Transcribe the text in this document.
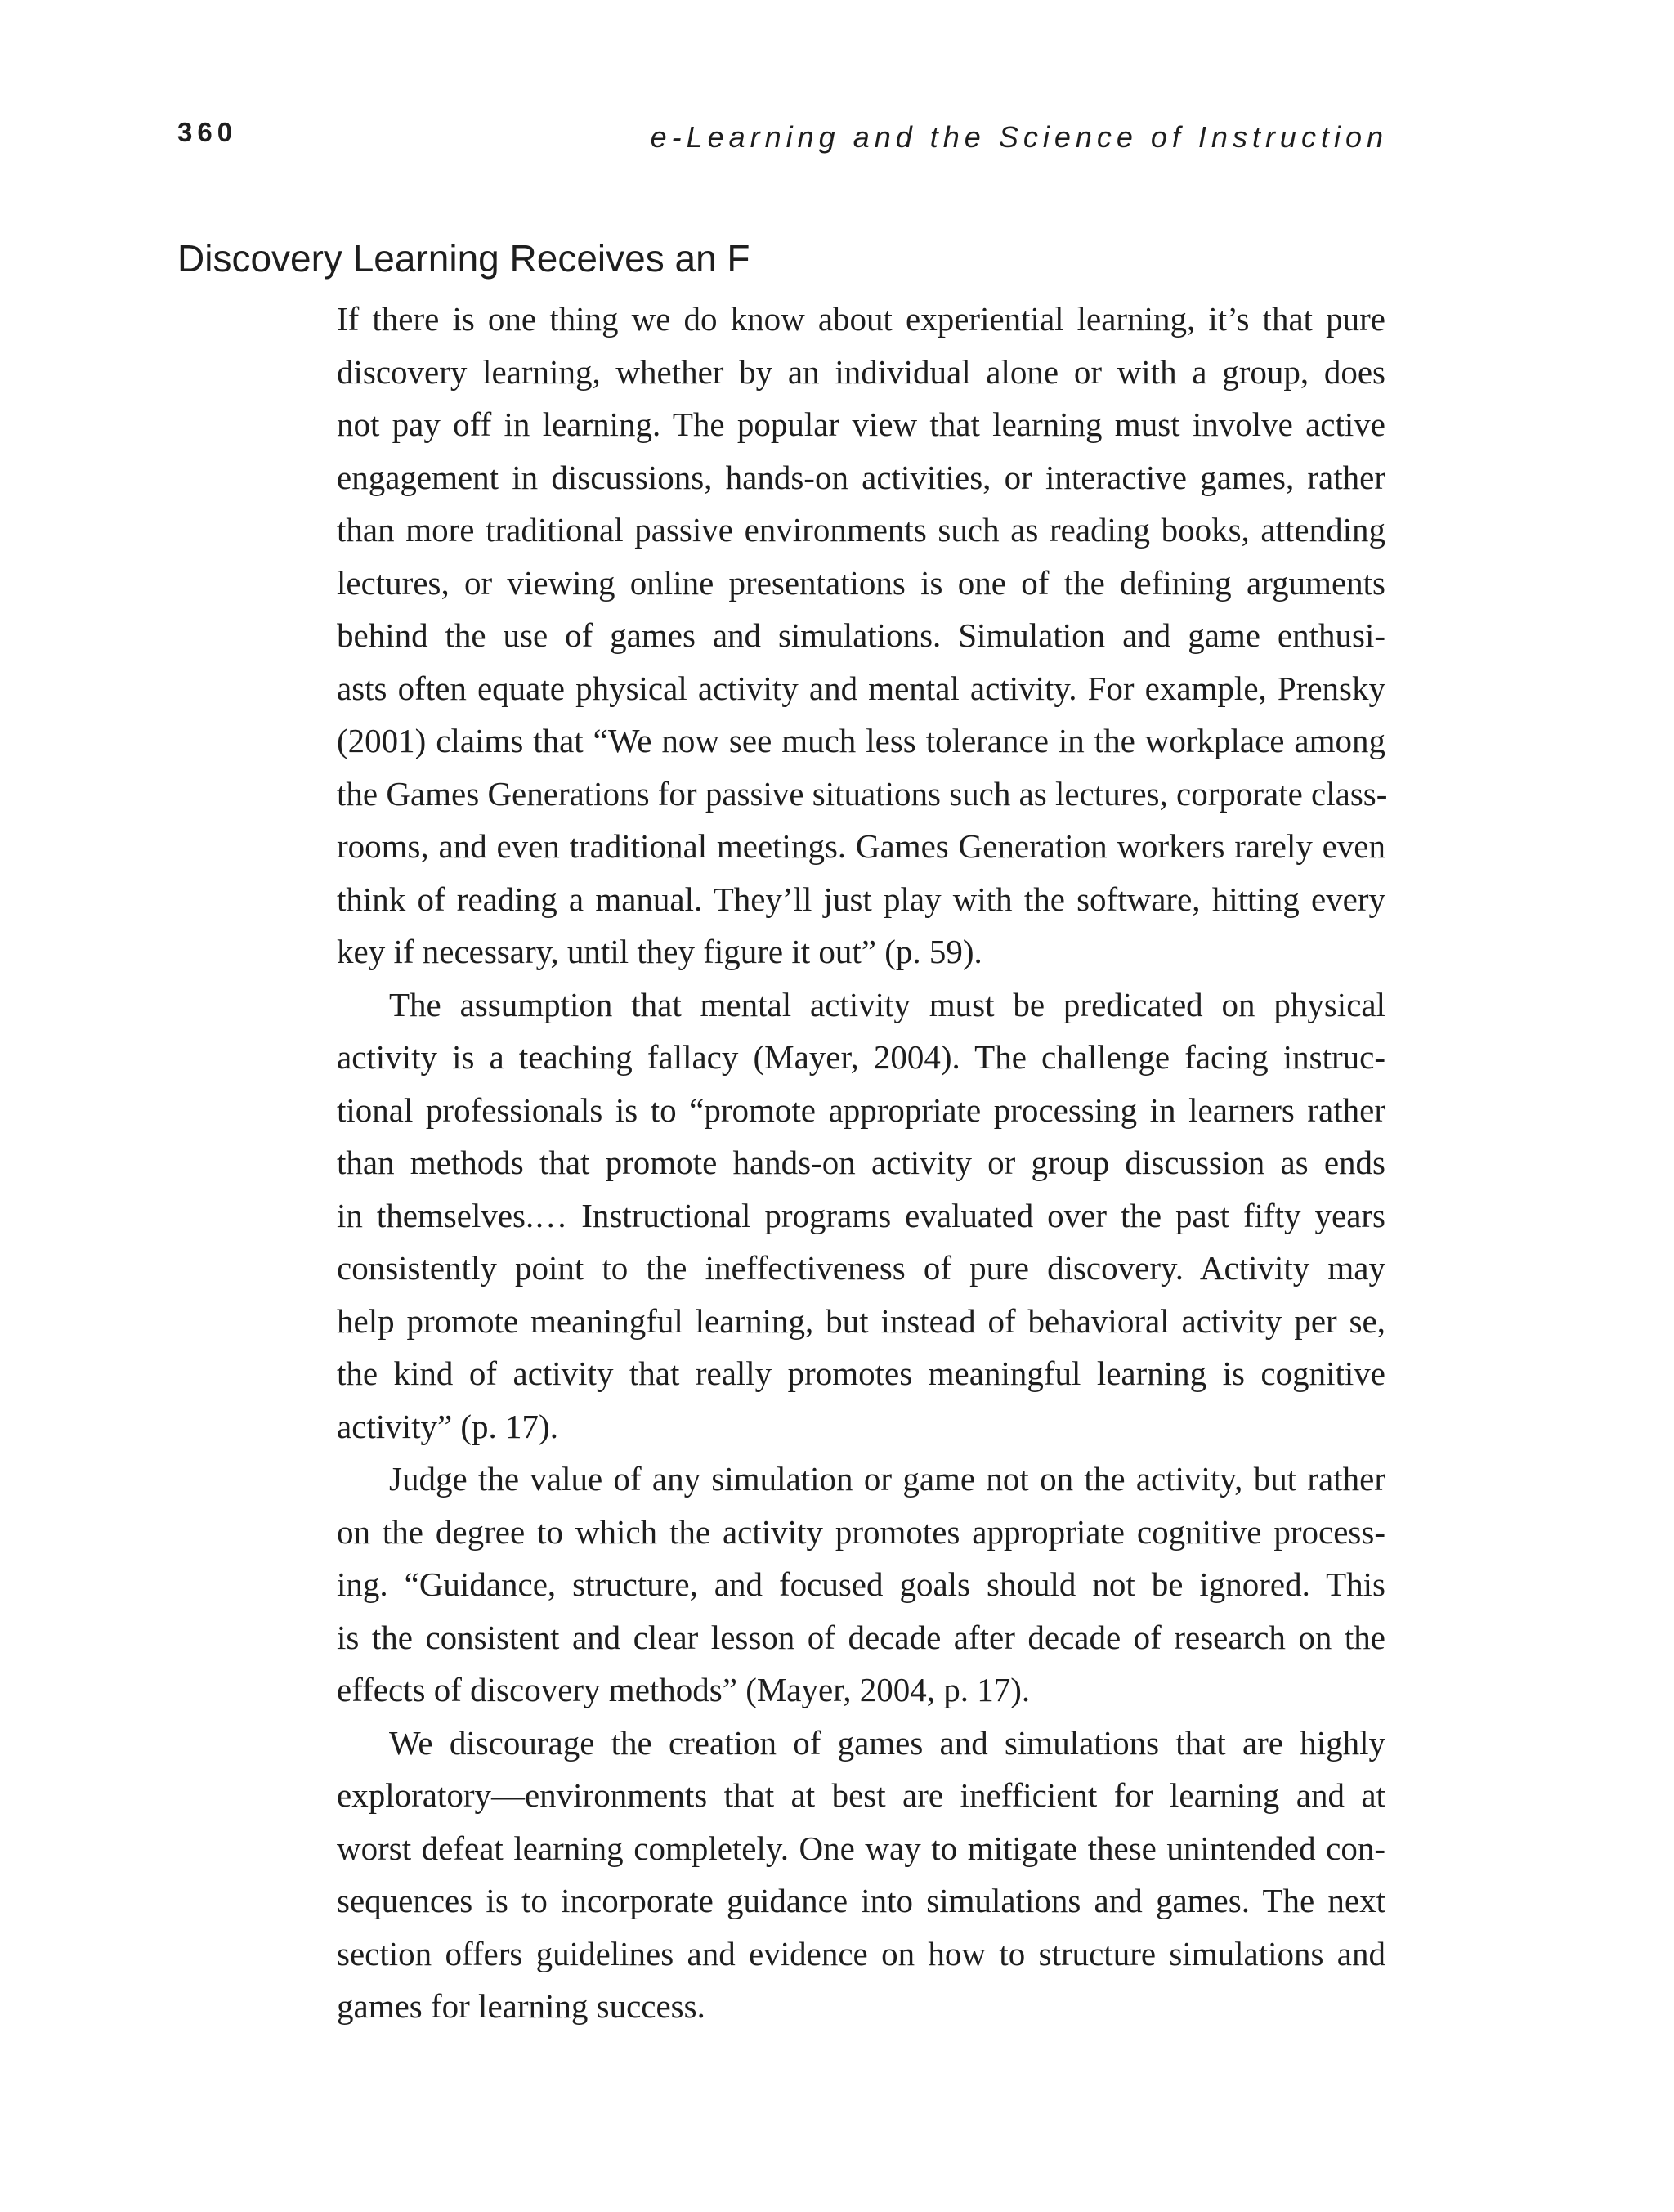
360	e-Learning and the Science of Instruction
Discovery Learning Receives an F

If there is one thing we do know about experiential learning, it’s that pure
discovery learning, whether by an individual alone or with a group, does
not pay off in learning. The popular view that learning must involve active
engagement in discussions, hands-on activities, or interactive games, rather
than more traditional passive environments such as reading books, attending
lectures, or viewing online presentations is one of the defining arguments
behind the use of games and simulations. Simulation and game enthusi-
asts often equate physical activity and mental activity. For example, Prensky
(2001) claims that “We now see much less tolerance in the workplace among
the Games Generations for passive situations such as lectures, corporate class-
rooms, and even traditional meetings. Games Generation workers rarely even
think of reading a manual. They’ll just play with the software, hitting every
key if necessary, until they figure it out” (p. 59).

The assumption that mental activity must be predicated on physical
activity is a teaching fallacy (Mayer, 2004). The challenge facing instruc-
tional professionals is to “promote appropriate processing in learners rather
than methods that promote hands-on activity or group discussion as ends
in themselves.… Instructional programs evaluated over the past fifty years
consistently point to the ineffectiveness of pure discovery. Activity may
help promote meaningful learning, but instead of behavioral activity per se,
the kind of activity that really promotes meaningful learning is cognitive
activity” (p. 17).

Judge the value of any simulation or game not on the activity, but rather
on the degree to which the activity promotes appropriate cognitive process-
ing. “Guidance, structure, and focused goals should not be ignored. This
is the consistent and clear lesson of decade after decade of research on the
effects of discovery methods” (Mayer, 2004, p. 17).

We discourage the creation of games and simulations that are highly
exploratory—environments that at best are inefficient for learning and at
worst defeat learning completely. One way to mitigate these unintended con-
sequences is to incorporate guidance into simulations and games. The next
section offers guidelines and evidence on how to structure simulations and
games for learning success.
